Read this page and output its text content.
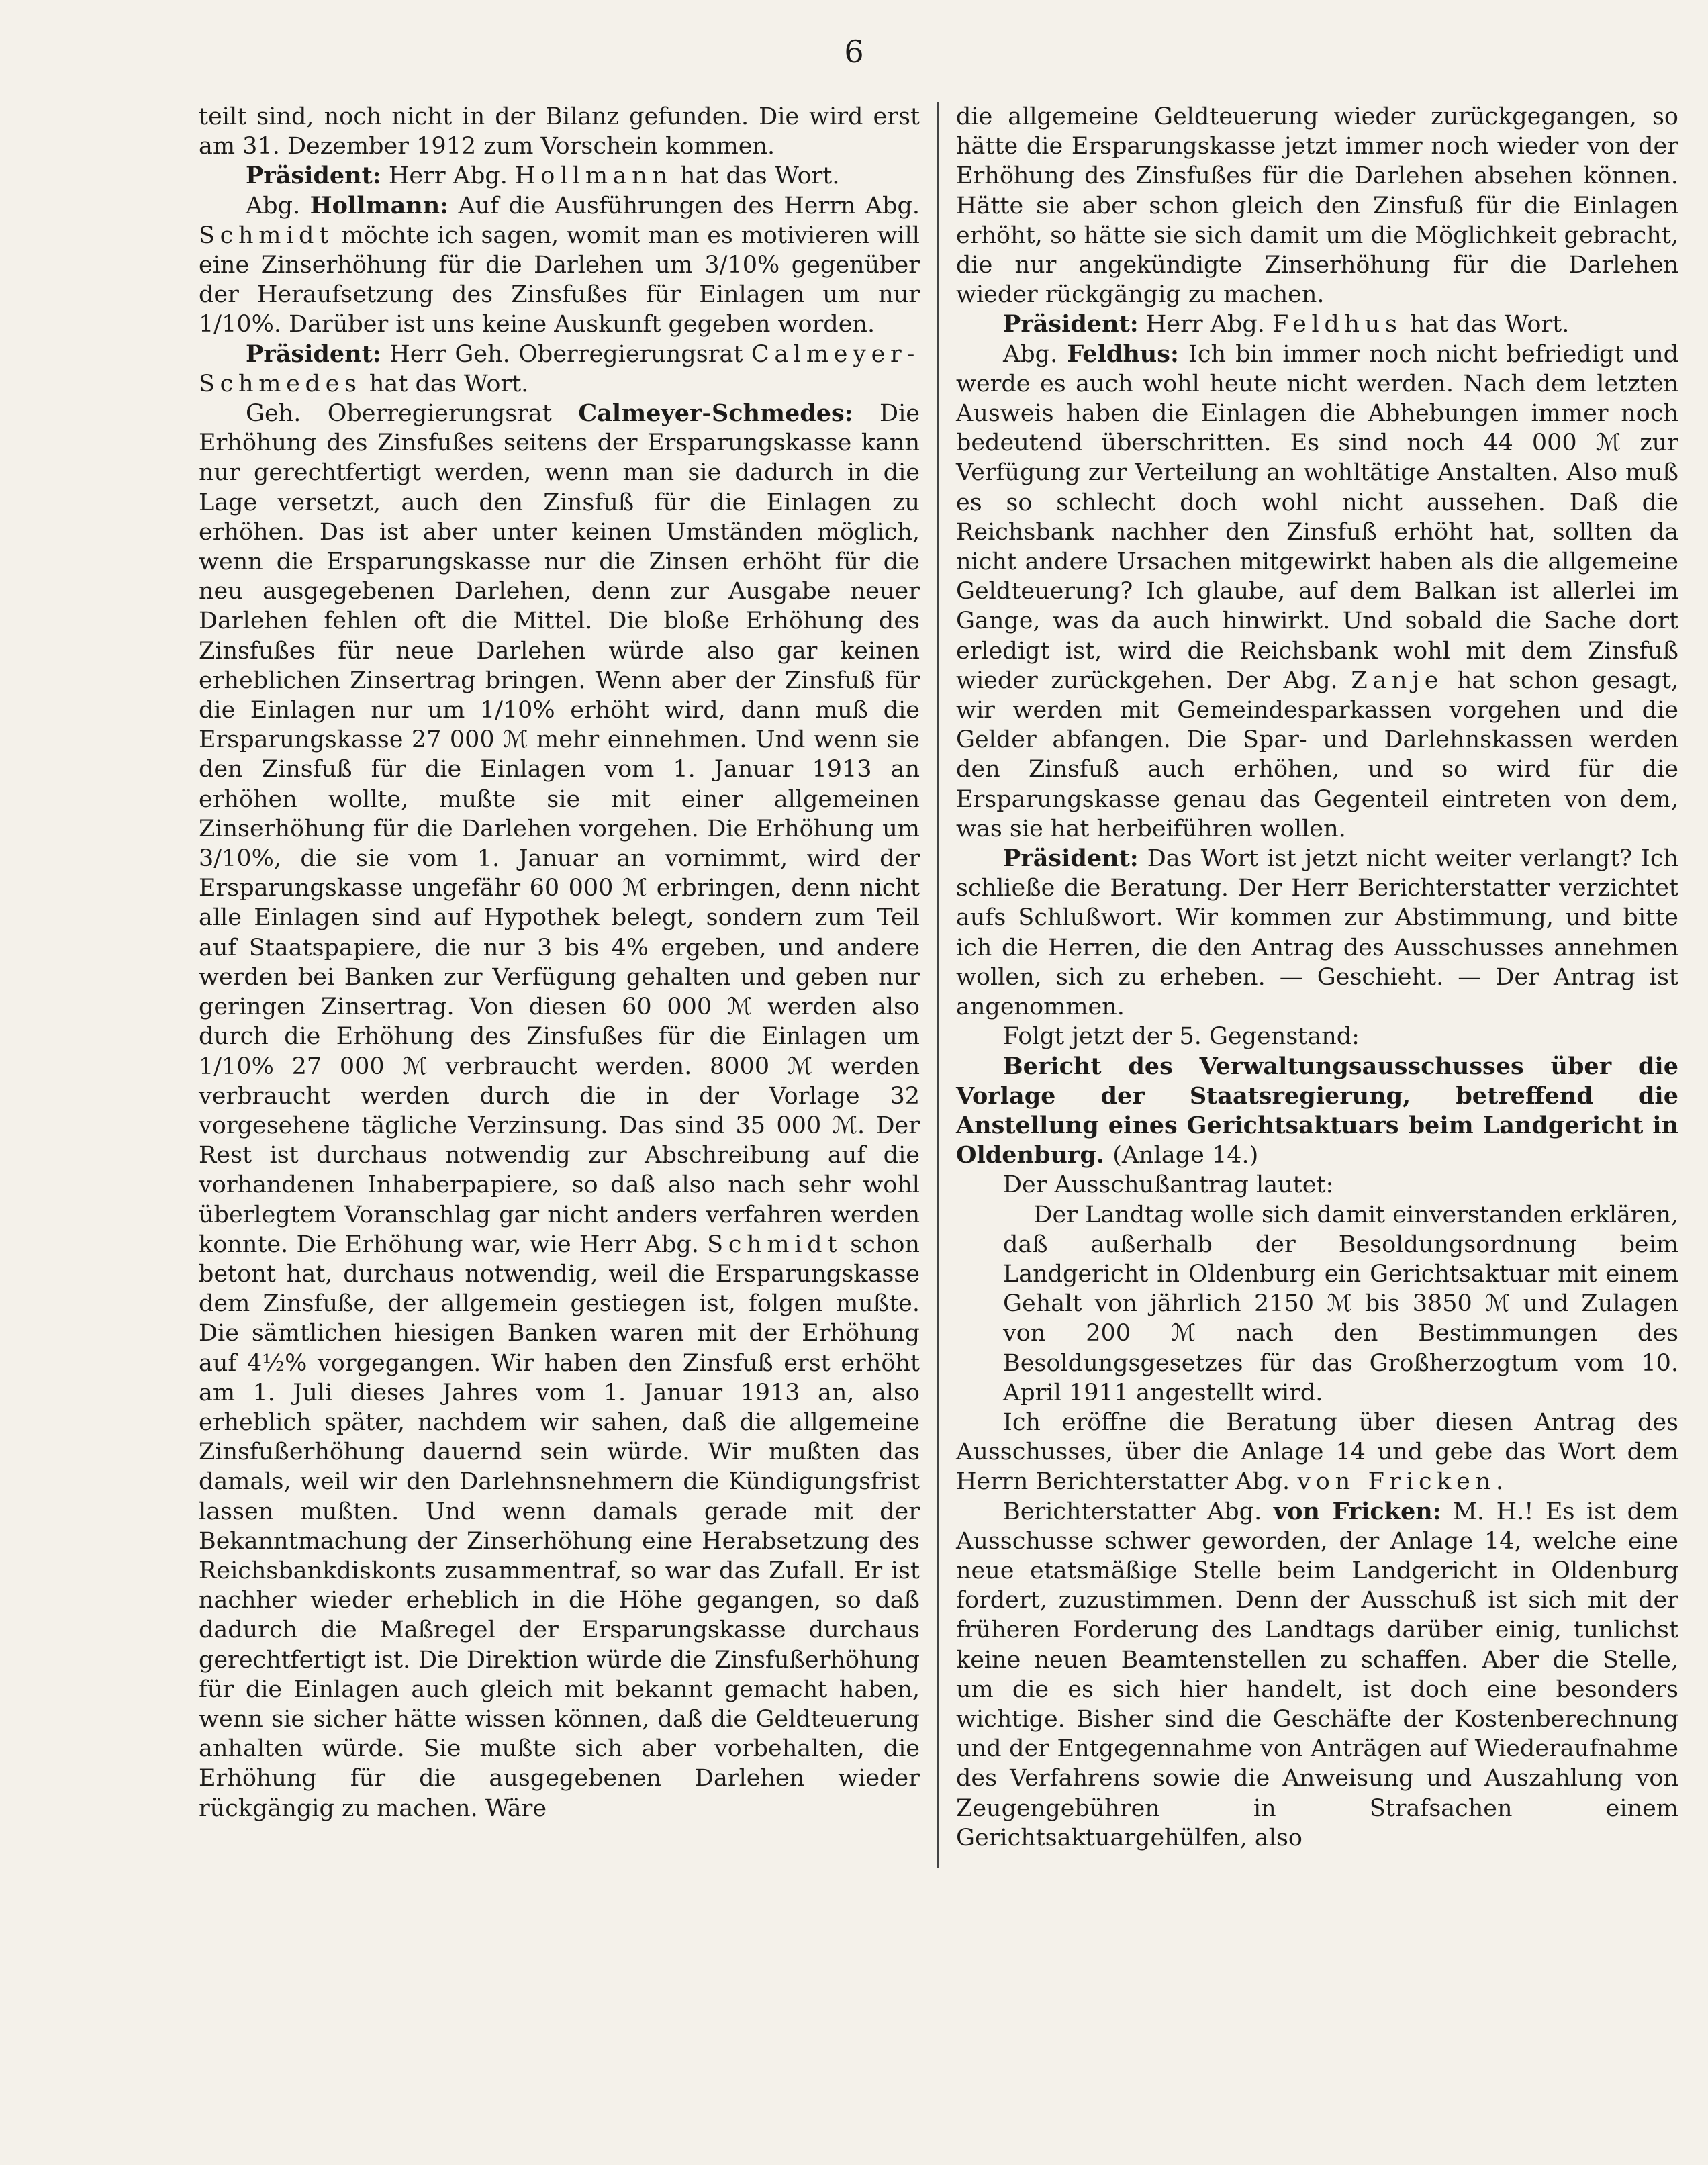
6

teilt sind, noch nicht in der Bilanz gefunden. Die wird erst am 31. Dezember 1912 zum Vorschein kommen.

Präsident: Herr Abg. Hollmann hat das Wort.

Abg. Hollmann: Auf die Ausführungen des Herrn Abg. Schmidt möchte ich sagen, womit man es motivieren will eine Zinserhöhung für die Darlehen um 3/10% gegenüber der Heraufsetzung des Zinsfußes für Einlagen um nur 1/10%. Darüber ist uns keine Auskunft gegeben worden.

Präsident: Herr Geh. Oberregierungsrat Calmeyer-Schmedes hat das Wort.

Geh. Oberregierungsrat Calmeyer-Schmedes: Die Erhöhung des Zinsfußes seitens der Ersparungskasse kann nur gerechtfertigt werden, wenn man sie dadurch in die Lage versetzt, auch den Zinsfuß für die Einlagen zu erhöhen. Das ist aber unter keinen Umständen möglich, wenn die Ersparungskasse nur die Zinsen erhöht für die neu ausgegebenen Darlehen, denn zur Ausgabe neuer Darlehen fehlen oft die Mittel. Die bloße Erhöhung des Zinsfußes für neue Darlehen würde also gar keinen erheblichen Zinsertrag bringen. Wenn aber der Zinsfuß für die Einlagen nur um 1/10% erhöht wird, dann muß die Ersparungskasse 27 000 ℳ mehr einnehmen. Und wenn sie den Zinsfuß für die Einlagen vom 1. Januar 1913 an erhöhen wollte, mußte sie mit einer allgemeinen Zinserhöhung für die Darlehen vorgehen. Die Erhöhung um 3/10%, die sie vom 1. Januar an vornimmt, wird der Ersparungskasse ungefähr 60 000 ℳ erbringen, denn nicht alle Einlagen sind auf Hypothek belegt, sondern zum Teil auf Staatspapiere, die nur 3 bis 4% ergeben, und andere werden bei Banken zur Verfügung gehalten und geben nur geringen Zinsertrag. Von diesen 60 000 ℳ werden also durch die Erhöhung des Zinsfußes für die Einlagen um 1/10% 27 000 ℳ verbraucht werden. 8000 ℳ werden verbraucht werden durch die in der Vorlage 32 vorgesehene tägliche Verzinsung. Das sind 35 000 ℳ. Der Rest ist durchaus notwendig zur Abschreibung auf die vorhandenen Inhaberpapiere, so daß also nach sehr wohl überlegtem Voranschlag gar nicht anders verfahren werden konnte. Die Erhöhung war, wie Herr Abg. Schmidt schon betont hat, durchaus notwendig, weil die Ersparungskasse dem Zinsfuße, der allgemein gestiegen ist, folgen mußte. Die sämtlichen hiesigen Banken waren mit der Erhöhung auf 4½% vorgegangen. Wir haben den Zinsfuß erst erhöht am 1. Juli dieses Jahres vom 1. Januar 1913 an, also erheblich später, nachdem wir sahen, daß die allgemeine Zinsfußerhöhung dauernd sein würde. Wir mußten das damals, weil wir den Darlehnsnehmern die Kündigungsfrist lassen mußten. Und wenn damals gerade mit der Bekanntmachung der Zinserhöhung eine Herabsetzung des Reichsbankdiskonts zusammentraf, so war das Zufall. Er ist nachher wieder erheblich in die Höhe gegangen, so daß dadurch die Maßregel der Ersparungskasse durchaus gerechtfertigt ist. Die Direktion würde die Zinsfußerhöhung für die Einlagen auch gleich mit bekannt gemacht haben, wenn sie sicher hätte wissen können, daß die Geldteuerung anhalten würde. Sie mußte sich aber vorbehalten, die Erhöhung für die ausgegebenen Darlehen wieder rückgängig zu machen. Wäre

die allgemeine Geldteuerung wieder zurückgegangen, so hätte die Ersparungskasse jetzt immer noch wieder von der Erhöhung des Zinsfußes für die Darlehen absehen können. Hätte sie aber schon gleich den Zinsfuß für die Einlagen erhöht, so hätte sie sich damit um die Möglichkeit gebracht, die nur angekündigte Zinserhöhung für die Darlehen wieder rückgängig zu machen.

Präsident: Herr Abg. Feldhus hat das Wort.

Abg. Feldhus: Ich bin immer noch nicht befriedigt und werde es auch wohl heute nicht werden. Nach dem letzten Ausweis haben die Einlagen die Abhebungen immer noch bedeutend überschritten. Es sind noch 44 000 ℳ zur Verfügung zur Verteilung an wohltätige Anstalten. Also muß es so schlecht doch wohl nicht aussehen. Daß die Reichsbank nachher den Zinsfuß erhöht hat, sollten da nicht andere Ursachen mitgewirkt haben als die allgemeine Geldteuerung? Ich glaube, auf dem Balkan ist allerlei im Gange, was da auch hinwirkt. Und sobald die Sache dort erledigt ist, wird die Reichsbank wohl mit dem Zinsfuß wieder zurückgehen. Der Abg. Zanje hat schon gesagt, wir werden mit Gemeindesparkassen vorgehen und die Gelder abfangen. Die Spar- und Darlehnskassen werden den Zinsfuß auch erhöhen, und so wird für die Ersparungskasse genau das Gegenteil eintreten von dem, was sie hat herbeiführen wollen.

Präsident: Das Wort ist jetzt nicht weiter verlangt? Ich schließe die Beratung. Der Herr Berichterstatter verzichtet aufs Schlußwort. Wir kommen zur Abstimmung, und bitte ich die Herren, die den Antrag des Ausschusses annehmen wollen, sich zu erheben. — Geschieht. — Der Antrag ist angenommen.

Folgt jetzt der 5. Gegenstand:

Bericht des Verwaltungsausschusses über die Vorlage der Staatsregierung, betreffend die Anstellung eines Gerichtsaktuars beim Landgericht in Oldenburg. (Anlage 14.)

Der Ausschußantrag lautet:

Der Landtag wolle sich damit einverstanden erklären, daß außerhalb der Besoldungsordnung beim Landgericht in Oldenburg ein Gerichtsaktuar mit einem Gehalt von jährlich 2150 ℳ bis 3850 ℳ und Zulagen von 200 ℳ nach den Bestimmungen des Besoldungsgesetzes für das Großherzogtum vom 10. April 1911 angestellt wird.

Ich eröffne die Beratung über diesen Antrag des Ausschusses, über die Anlage 14 und gebe das Wort dem Herrn Berichterstatter Abg. von Fricken.

Berichterstatter Abg. von Fricken: M. H.! Es ist dem Ausschusse schwer geworden, der Anlage 14, welche eine neue etatsmäßige Stelle beim Landgericht in Oldenburg fordert, zuzustimmen. Denn der Ausschuß ist sich mit der früheren Forderung des Landtags darüber einig, tunlichst keine neuen Beamtenstellen zu schaffen. Aber die Stelle, um die es sich hier handelt, ist doch eine besonders wichtige. Bisher sind die Geschäfte der Kostenberechnung und der Entgegennahme von Anträgen auf Wiederaufnahme des Verfahrens sowie die Anweisung und Auszahlung von Zeugengebühren in Strafsachen einem Gerichtsaktuargehülfen, also
